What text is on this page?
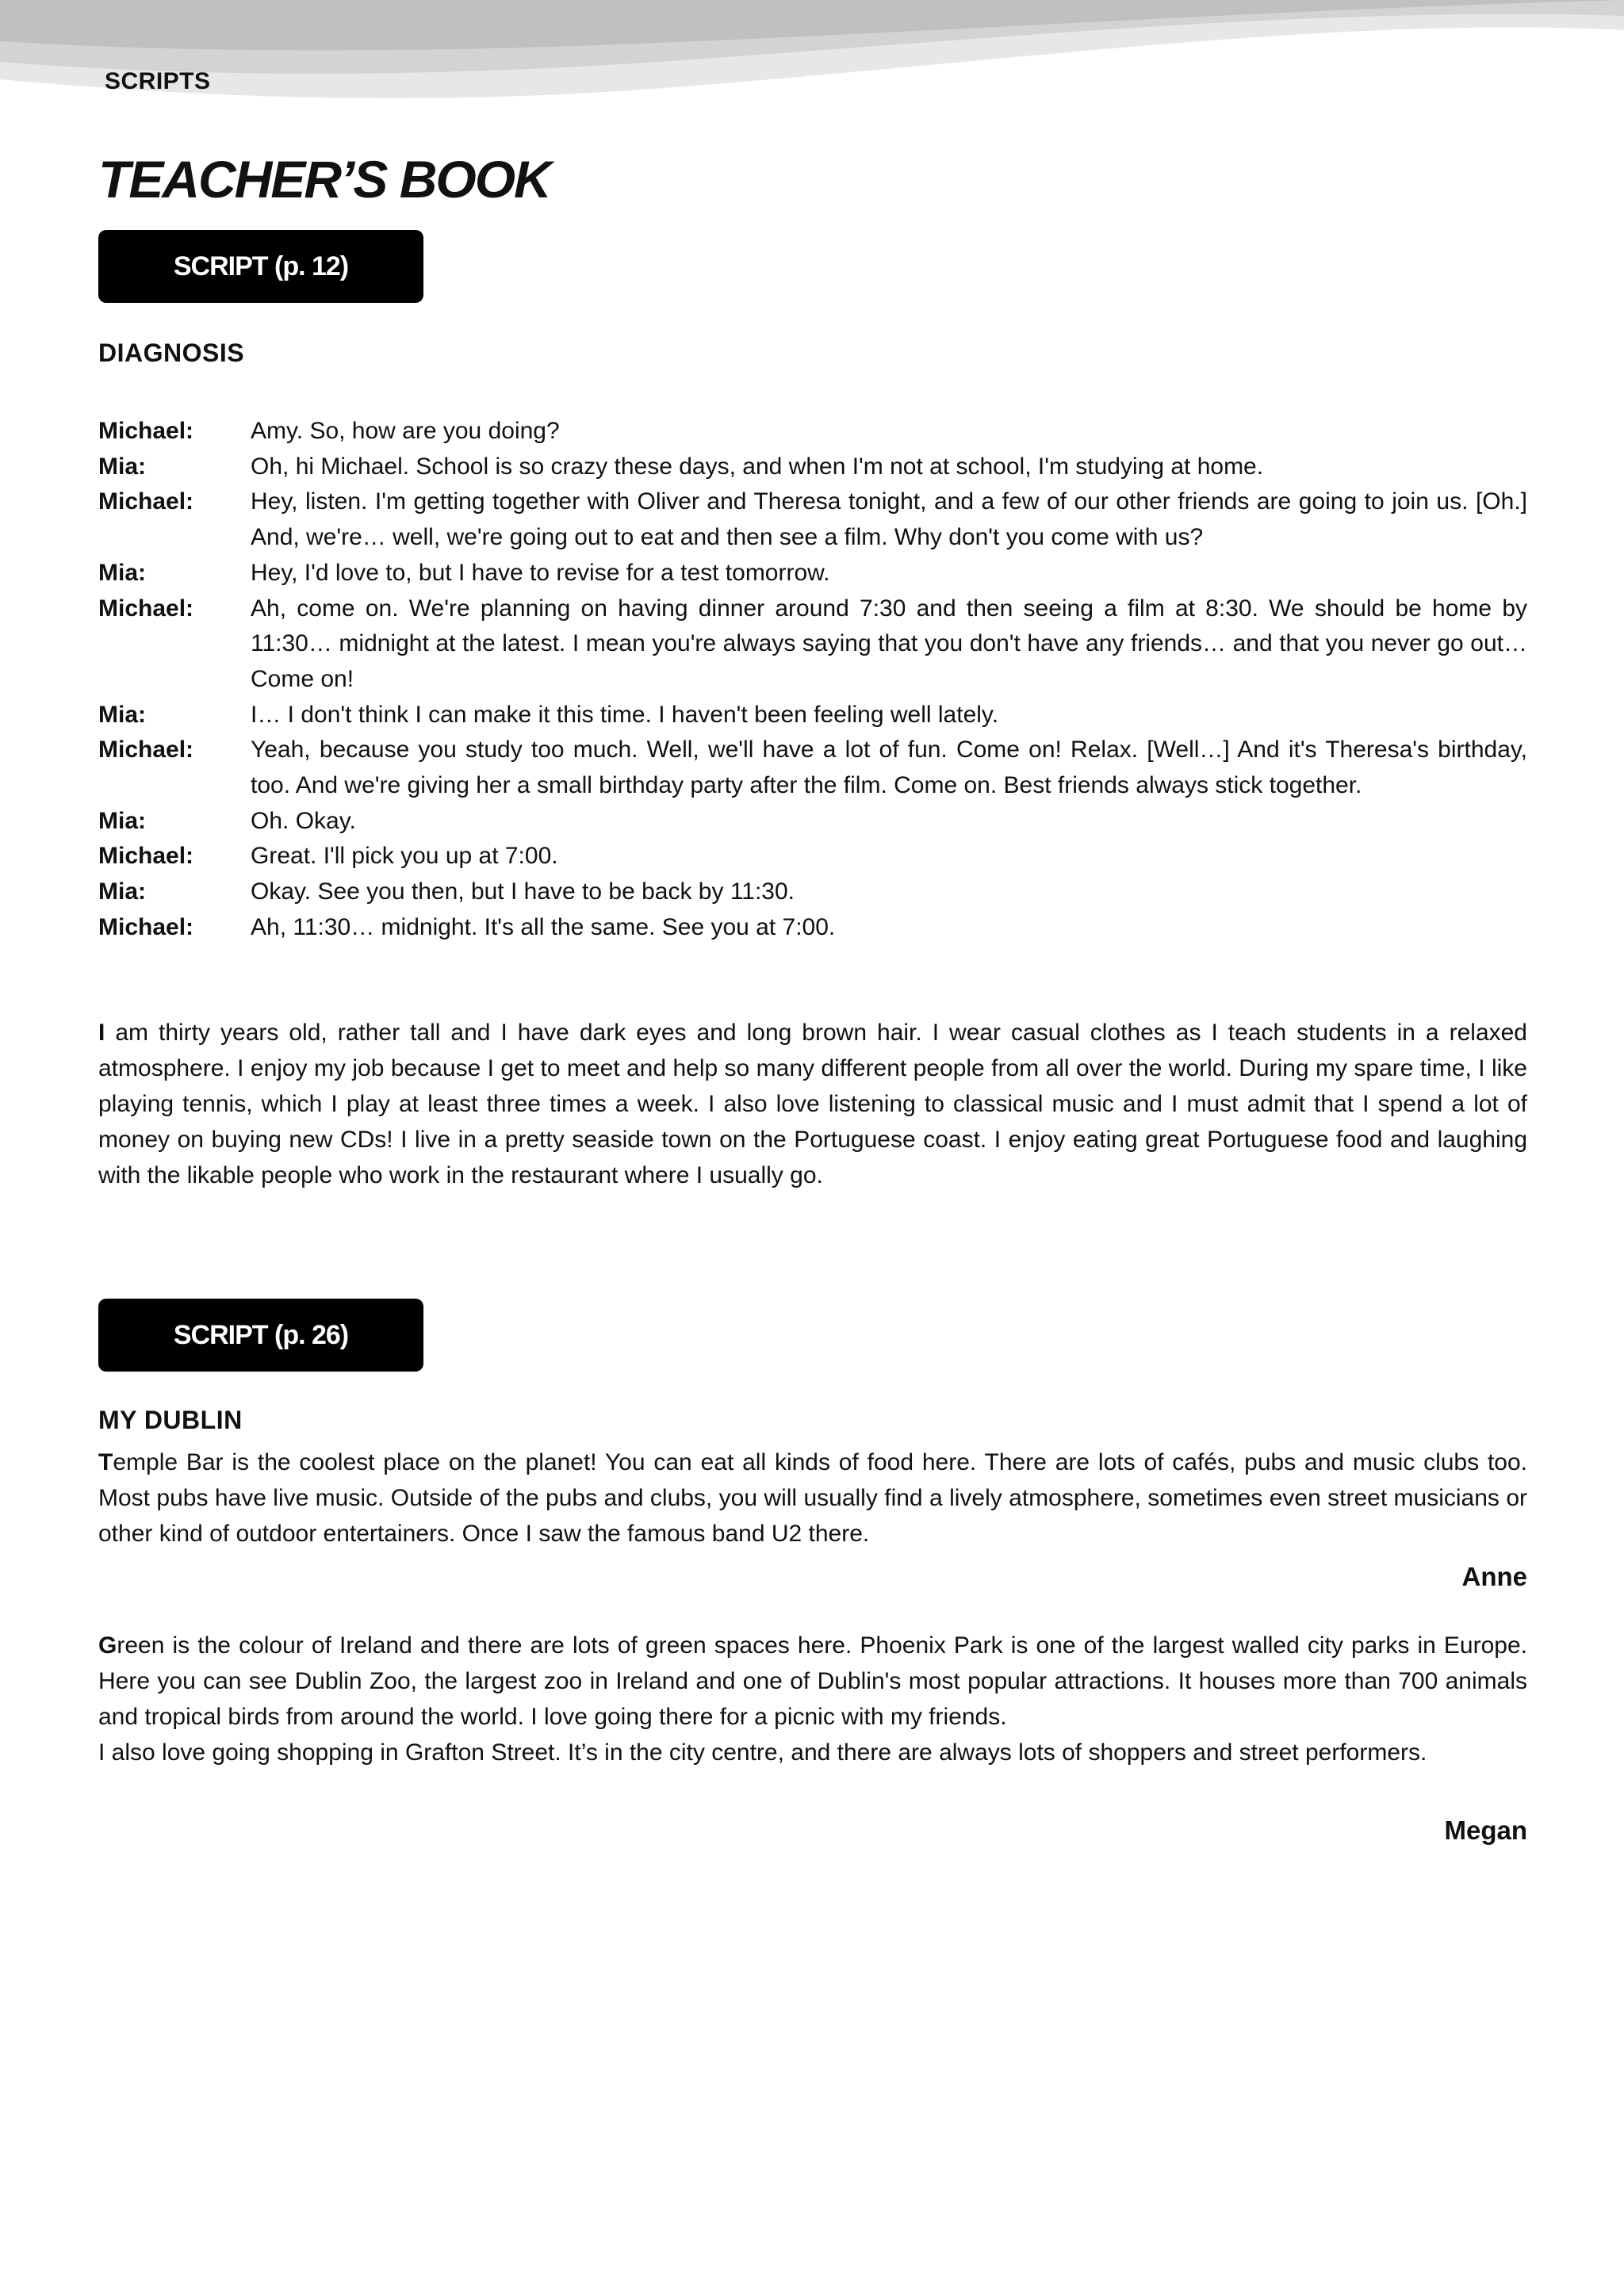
SCRIPTS
TEACHER’S BOOK
SCRIPT (p. 12)
DIAGNOSIS
Michael:	Amy. So, how are you doing?
Mia:	Oh, hi Michael. School is so crazy these days, and when I'm not at school, I'm studying at home.
Michael:	Hey, listen. I'm getting together with Oliver and Theresa tonight, and a few of our other friends are going to join us. [Oh.] And, we're… well, we're going out to eat and then see a film. Why don't you come with us?
Mia:	Hey, I'd love to, but I have to revise for a test tomorrow.
Michael:	Ah, come on. We're planning on having dinner around 7:30 and then seeing a film at 8:30. We should be home by 11:30… midnight at the latest. I mean you're always saying that you don't have any friends… and that you never go out… Come on!
Mia:	I… I don't think I can make it this time. I haven't been feeling well lately.
Michael:	Yeah, because you study too much. Well, we'll have a lot of fun. Come on! Relax. [Well…] And it's Theresa's birthday, too. And we're giving her a small birthday party after the film. Come on. Best friends always stick together.
Mia:	Oh. Okay.
Michael:	Great. I'll pick you up at 7:00.
Mia:	Okay. See you then, but I have to be back by 11:30.
Michael:	Ah, 11:30… midnight. It's all the same. See you at 7:00.

I am thirty years old, rather tall and I have dark eyes and long brown hair. I wear casual clothes as I teach students in a relaxed atmosphere. I enjoy my job because I get to meet and help so many different people from all over the world. During my spare time, I like playing tennis, which I play at least three times a week. I also love listening to classical music and I must admit that I spend a lot of money on buying new CDs! I live in a pretty seaside town on the Portuguese coast. I enjoy eating great Portuguese food and laughing with the likable people who work in the restaurant where I usually go.

SCRIPT (p. 26)
MY DUBLIN

Temple Bar is the coolest place on the planet! You can eat all kinds of food here. There are lots of cafés, pubs and music clubs too. Most pubs have live music. Outside of the pubs and clubs, you will usually find a lively atmosphere, sometimes even street musicians or other kind of outdoor entertainers. Once I saw the famous band U2 there.

Anne

Green is the colour of Ireland and there are lots of green spaces here. Phoenix Park is one of the largest walled city parks in Europe. Here you can see Dublin Zoo, the largest zoo in Ireland and one of Dublin's most popular attractions. It houses more than 700 animals and tropical birds from around the world. I love going there for a picnic with my friends.

I also love going shopping in Grafton Street. It’s in the city centre, and there are always lots of shoppers and street performers.

Megan
